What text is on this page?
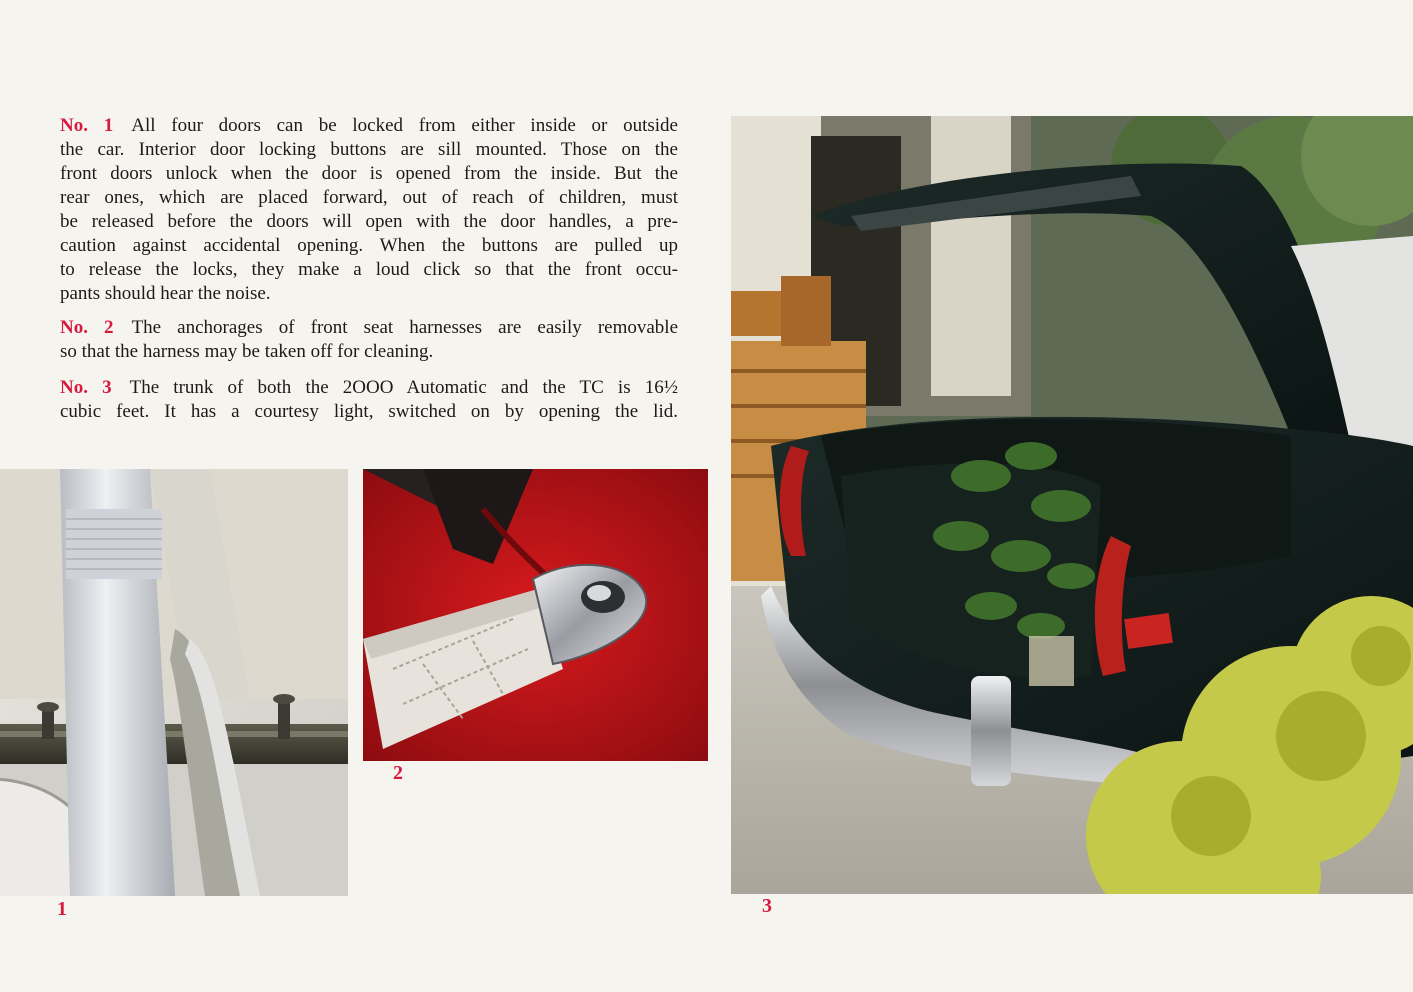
No. 1 All four doors can be locked from either inside or outside

the car. Interior door locking buttons are sill mounted. Those on the

front doors unlock when the door is opened from the inside. But the

rear ones, which are placed forward, out of reach of children, must

be released before the doors will open with the door handles, a pre-

caution against accidental opening. When the buttons are pulled up

to release the locks, they make a loud click so that the front occu-

pants should hear the noise.

No. 2 The anchorages of front seat harnesses are easily removable

so that the harness may be taken off for cleaning.

No. 3 The trunk of both the 2OOO Automatic and the TC is 16½

cubic feet. It has a courtesy light, switched on by opening the lid.

1
2
3
